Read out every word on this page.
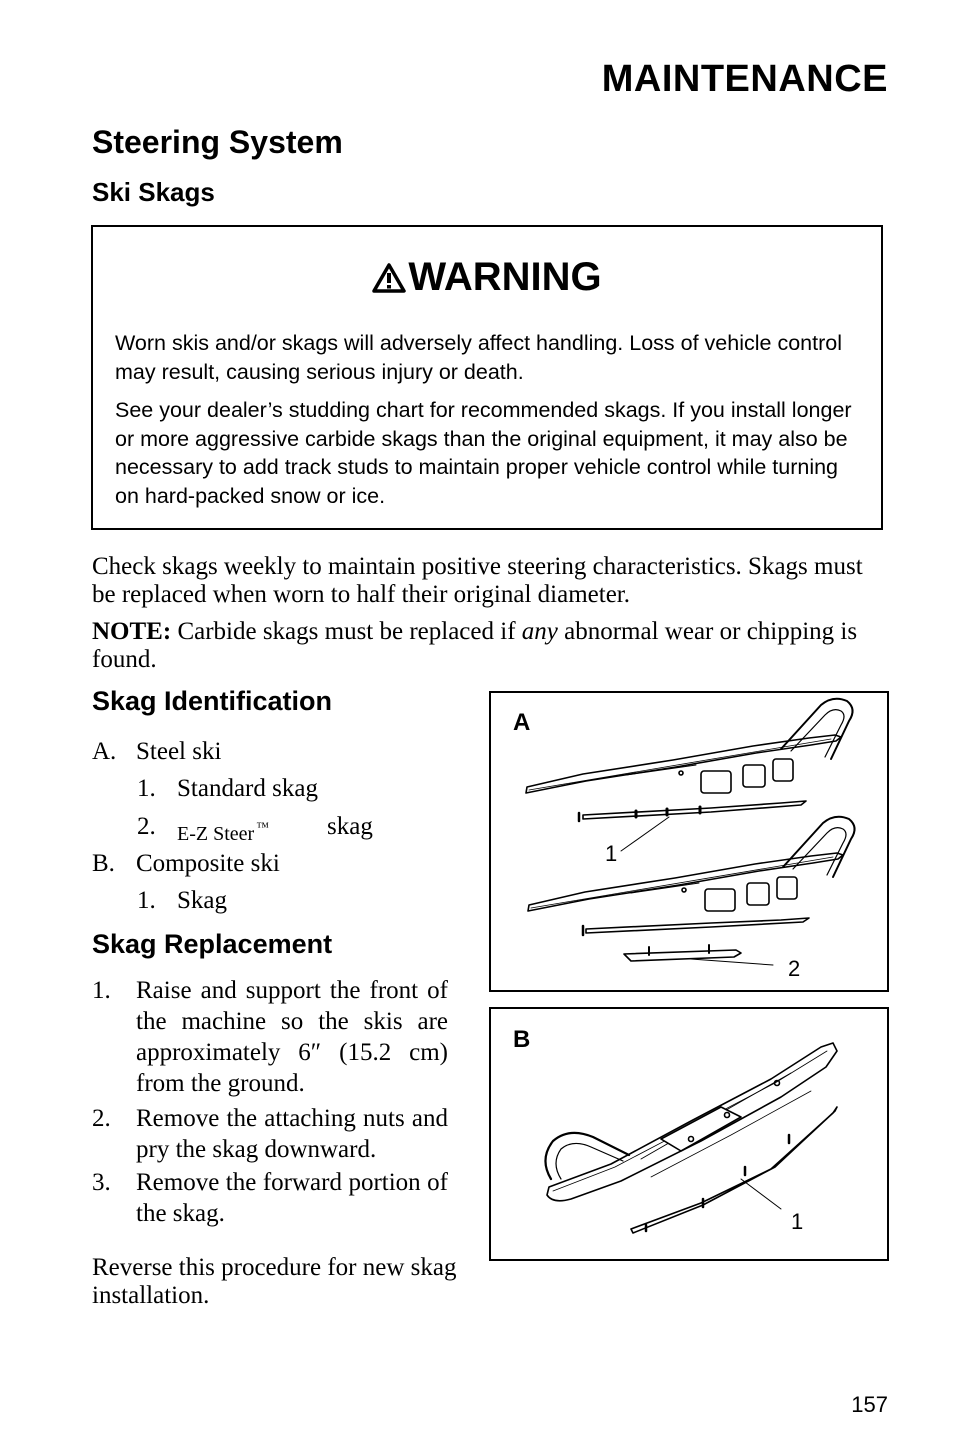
MAINTENANCE
Steering System
Ski Skags
WARNING

Worn skis and/or skags will adversely affect handling. Loss of vehicle control may result, causing serious injury or death.

See your dealer’s studding chart for recommended skags. If you install longer or more aggressive carbide skags than the original equipment, it may also be necessary to add track studs to maintain proper vehicle control while turning on hard-packed snow or ice.

Check skags weekly to maintain positive steering characteristics. Skags must be replaced when worn to half their original diameter.

NOTE: Carbide skags must be replaced if any abnormal wear or chipping is found.

Skag Identification
A. Steel ski
1. Standard skag
2. E-Z Steer ™ skag
B. Composite ski
1. Skag
Skag Replacement
1. Raise and support the front of the machine so the skis are approximately 6″ (15.2 cm) from the ground.
2. Remove the attaching nuts and pry the skag downward.
3. Remove the forward portion of the skag.

Reverse this procedure for new skag installation.

A
1
2
B
1
157
